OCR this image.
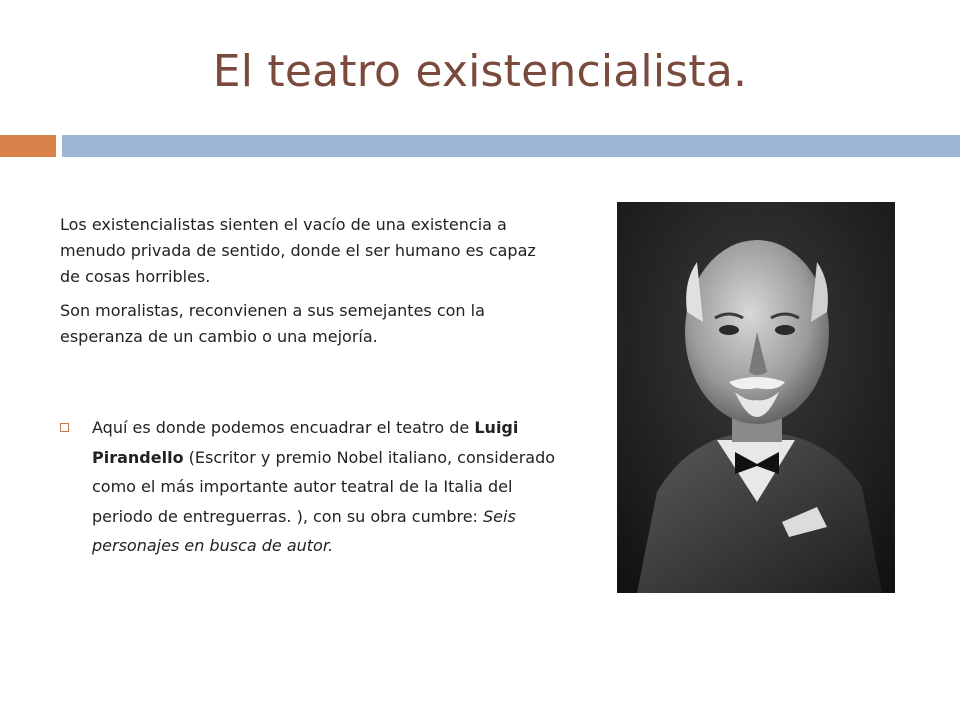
El teatro existencialista.

Los existencialistas sienten el vacío de una existencia a menudo privada de sentido, donde el ser humano es capaz de cosas horribles.

Son moralistas, reconvienen a sus semejantes con la esperanza de un cambio o una mejoría.

Aquí es donde podemos encuadrar el teatro de Luigi Pirandello (Escritor y premio Nobel italiano, considerado como el más importante autor teatral de la Italia del periodo de entreguerras. ), con su obra cumbre: Seis personajes en busca de autor.
